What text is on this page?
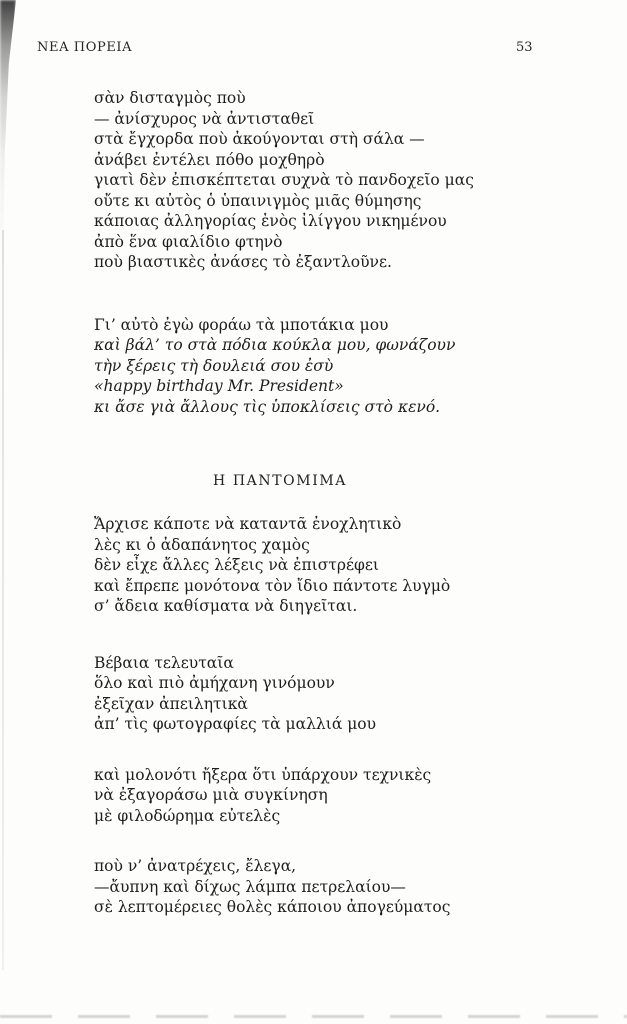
ΝΕΑ ΠΟΡΕΙΑ	53
σὰν δισταγμὸς ποὺ
— ἀνίσχυρος νὰ ἀντισταθεῖ
στὰ ἔγχορδα ποὺ ἀκούγονται στὴ σάλα —
ἀνάβει ἐντέλει πόθο μοχθηρὸ
γιατὶ δὲν ἐπισκέπτεται συχνὰ τὸ πανδοχεῖο μας
οὔτε κι αὐτὸς ὁ ὑπαινιγμὸς μιᾶς θύμησης
κάποιας ἀλληγορίας ἑνὸς ἰλίγγου νικημένου
ἀπὸ ἕνα φιαλίδιο φτηνὸ
ποὺ βιαστικὲς ἀνάσες τὸ ἐξαντλοῦνε.
Γι’ αὐτὸ ἐγὼ φοράω τὰ μποτάκια μου
καὶ βάλ’ το στὰ πόδια κούκλα μου, φωνάζουν
τὴν ξέρεις τὴ δουλειά σου ἐσὺ
«happy birthday Mr. President»
κι ἄσε γιὰ ἄλλους τὶς ὑποκλίσεις στὸ κενό.
Η ΠΑΝΤΟΜΙΜΑ
Ἄρχισε κάποτε νὰ καταντᾶ ἐνοχλητικὸ
λὲς κι ὁ ἀδαπάνητος χαμὸς
δὲν εἶχε ἄλλες λέξεις νὰ ἐπιστρέφει
καὶ ἔπρεπε μονότονα τὸν ἴδιο πάντοτε λυγμὸ
σ’ ἄδεια καθίσματα νὰ διηγεῖται.
Βέβαια τελευταῖα
ὅλο καὶ πιὸ ἀμήχανη γινόμουν
ἐξεῖχαν ἀπειλητικὰ
ἀπ’ τὶς φωτογραφίες τὰ μαλλιά μου
καὶ μολονότι ἤξερα ὅτι ὑπάρχουν τεχνικὲς
νὰ ἐξαγοράσω μιὰ συγκίνηση
μὲ φιλοδώρημα εὐτελὲς
ποὺ ν’ ἀνατρέχεις, ἔλεγα,
—ἄυπνη καὶ δίχως λάμπα πετρελαίου—
σὲ λεπτομέρειες θολὲς κάποιου ἀπογεύματος
